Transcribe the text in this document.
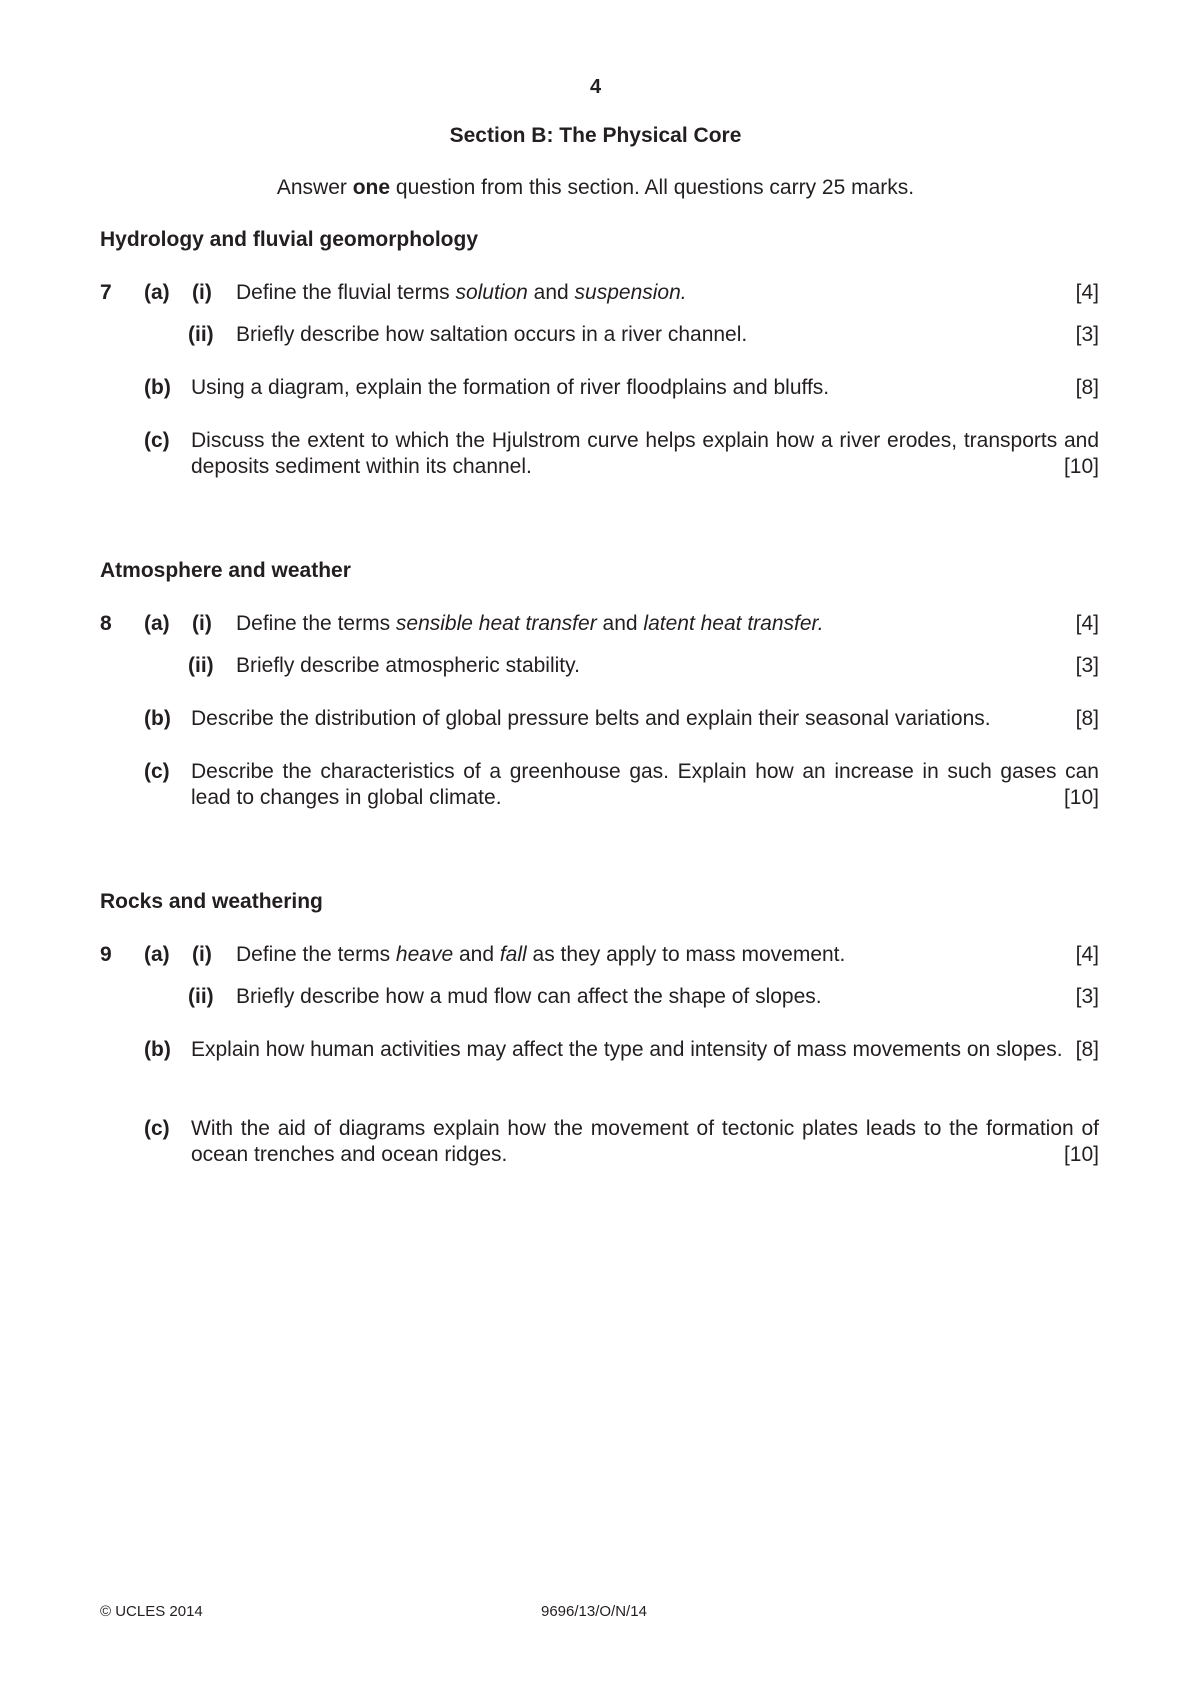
4
Section B: The Physical Core
Answer one question from this section. All questions carry 25 marks.
Hydrology and fluvial geomorphology
7 (a) (i) Define the fluvial terms solution and suspension.	[4]
(ii) Briefly describe how saltation occurs in a river channel.	[3]
(b) Using a diagram, explain the formation of river floodplains and bluffs.	[8]
(c) Discuss the extent to which the Hjulstrom curve helps explain how a river erodes, transports and deposits sediment within its channel.	[10]
Atmosphere and weather
8 (a) (i) Define the terms sensible heat transfer and latent heat transfer.	[4]
(ii) Briefly describe atmospheric stability.	[3]
(b) Describe the distribution of global pressure belts and explain their seasonal variations.	[8]
(c) Describe the characteristics of a greenhouse gas. Explain how an increase in such gases can lead to changes in global climate.	[10]
Rocks and weathering
9 (a) (i) Define the terms heave and fall as they apply to mass movement.	[4]
(ii) Briefly describe how a mud flow can affect the shape of slopes.	[3]
(b) Explain how human activities may affect the type and intensity of mass movements on slopes. [8]
(c) With the aid of diagrams explain how the movement of tectonic plates leads to the formation of ocean trenches and ocean ridges.	[10]
© UCLES 2014	9696/13/O/N/14
